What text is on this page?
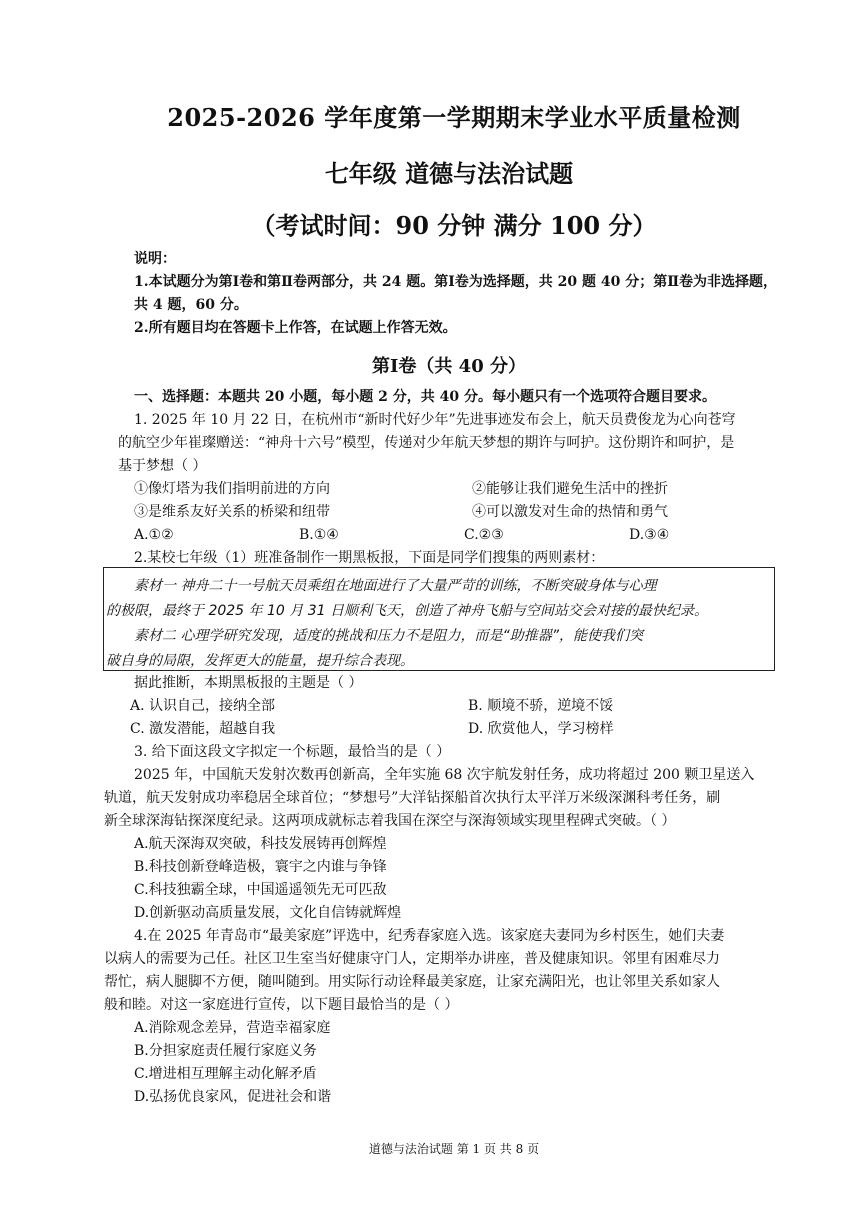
2025-2026 学年度第一学期期末学业水平质量检测
七年级 道德与法治试题
（考试时间：90 分钟 满分 100 分）
说明：
1.本试题分为第Ⅰ卷和第Ⅱ卷两部分，共 24 题。第Ⅰ卷为选择题，共 20 题 40 分；第Ⅱ卷为非选择题，
共 4 题，60 分。
2.所有题目均在答题卡上作答，在试题上作答无效。
第Ⅰ卷（共 40 分）
一、选择题：本题共 20 小题，每小题 2 分，共 40 分。每小题只有一个选项符合题目要求。
1. 2025 年 10 月 22 日，在杭州市“新时代好少年”先进事迹发布会上，航天员费俊龙为心向苍穹
的航空少年崔璨赠送：“神舟十六号”模型，传递对少年航天梦想的期许与呵护。这份期许和呵护，是
基于梦想（ ）
①像灯塔为我们指明前进的方向	②能够让我们避免生活中的挫折
③是维系友好关系的桥梁和纽带	④可以激发对生命的热情和勇气
A.①②	B.①④	C.②③	D.③④
2.某校七年级（1）班准备制作一期黑板报，下面是同学们搜集的两则素材：
素材一 神舟二十一号航天员乘组在地面进行了大量严苛的训练，不断突破身体与心理
的极限，最终于 2025 年 10 月 31 日顺利飞天，创造了神舟飞船与空间站交会对接的最快纪录。
素材二 心理学研究发现，适度的挑战和压力不是阻力，而是“助推器”，能使我们突
破自身的局限，发挥更大的能量，提升综合表现。
据此推断，本期黑板报的主题是（ ）
A. 认识自己，接纳全部	B. 顺境不骄，逆境不馁
C. 激发潜能，超越自我	D. 欣赏他人，学习榜样
3. 给下面这段文字拟定一个标题，最恰当的是（ ）
2025 年，中国航天发射次数再创新高，全年实施 68 次宇航发射任务，成功将超过 200 颗卫星送入
轨道，航天发射成功率稳居全球首位；“梦想号”大洋钻探船首次执行太平洋万米级深渊科考任务，刷
新全球深海钻探深度纪录。这两项成就标志着我国在深空与深海领域实现里程碑式突破。（ ）
A.航天深海双突破，科技发展铸再创辉煌
B.科技创新登峰造极，寰宇之内谁与争锋
C.科技独霸全球，中国遥遥领先无可匹敌
D.创新驱动高质量发展，文化自信铸就辉煌
4.在 2025 年青岛市“最美家庭”评选中，纪秀春家庭入选。该家庭夫妻同为乡村医生，她们夫妻
以病人的需要为己任。社区卫生室当好健康守门人，定期举办讲座，普及健康知识。邻里有困难尽力
帮忙，病人腿脚不方便，随叫随到。用实际行动诠释最美家庭，让家充满阳光，也让邻里关系如家人
般和睦。对这一家庭进行宣传，以下题目最恰当的是（ ）
A.消除观念差异，营造幸福家庭
B.分担家庭责任履行家庭义务
C.增进相互理解主动化解矛盾
D.弘扬优良家风，促进社会和谐
道德与法治试题 第 1 页 共 8 页
